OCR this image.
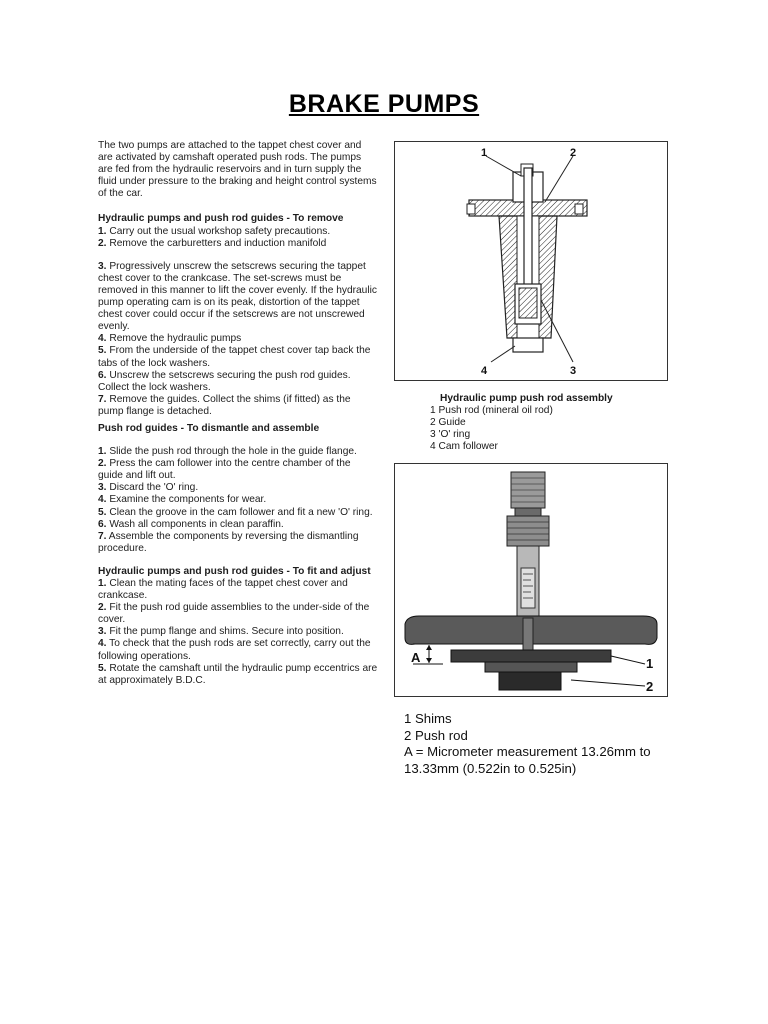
BRAKE PUMPS

The two pumps are attached to the tappet chest cover and are activated by camshaft operated push rods. The pumps are fed from the hydraulic reservoirs and in turn supply the fluid under pressure to the braking and height control systems of the car.

Hydraulic pumps and push rod guides - To remove

1. Carry out the usual workshop safety precautions.

2. Remove the carburetters and induction manifold

3. Progressively unscrew the setscrews securing the tappet chest cover to the crankcase. The set-screws must be removed in this manner to lift the cover evenly. If the hydraulic pump operating cam is on its peak, distortion of the tappet chest cover could occur if the setscrews are not unscrewed evenly.

4. Remove the hydraulic pumps

5. From the underside of the tappet chest cover tap back the tabs of the lock washers.

6. Unscrew the setscrews securing the push rod guides. Collect the lock washers.

7. Remove the guides. Collect the shims (if fitted) as the pump flange is detached.

Push rod guides - To dismantle and assemble

1. Slide the push rod through the hole in the guide flange.

2. Press the cam follower into the centre chamber of the guide and lift out.

3. Discard the 'O' ring.

4. Examine the components for wear.

5. Clean the groove in the cam follower and fit a new 'O' ring.

6. Wash all components in clean paraffin.

7. Assemble the components by reversing the dismantling procedure.

Hydraulic pumps and push rod guides - To fit and adjust

1. Clean the mating faces of the tappet chest cover and crankcase.

2. Fit the push rod guide assemblies to the under-side of the cover.

3. Fit the pump flange and shims. Secure into position.

4. To check that the push rods are set correctly, carry out the following operations.

5. Rotate the camshaft until the hydraulic pump eccentrics are at approximately B.D.C.

1	2
4	3
Hydraulic pump push rod assembly
1 Push rod (mineral oil rod)
2 Guide
3 'O' ring
4 Cam follower
A	1
2
1 Shims
2 Push rod
A = Micrometer measurement 13.26mm to 13.33mm (0.522in to 0.525in)
